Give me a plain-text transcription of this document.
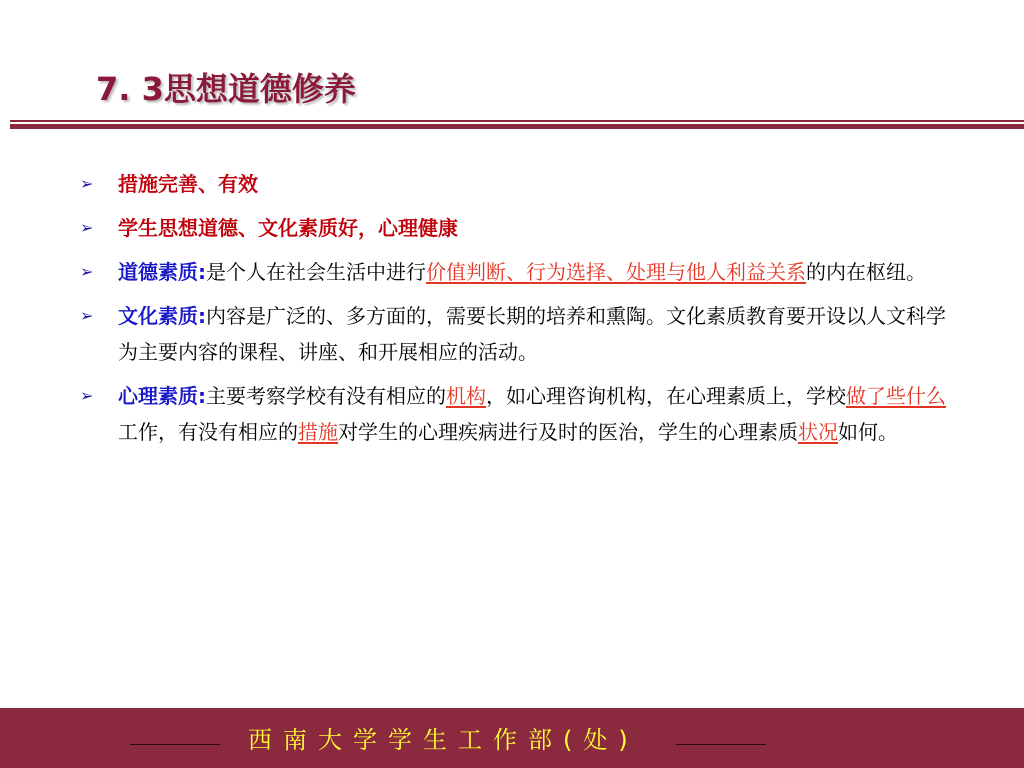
7. 3思想道德修养
➢ 措施完善、有效
➢ 学生思想道德、文化素质好，心理健康
➢ 道德素质:是个人在社会生活中进行价值判断、行为选择、处理与他人利益关系的内在枢纽。
➢ 文化素质:内容是广泛的、多方面的，需要长期的培养和熏陶。文化素质教育要开设以人文科学为主要内容的课程、讲座、和开展相应的活动。
➢ 心理素质:主要考察学校有没有相应的机构，如心理咨询机构，在心理素质上，学校做了些什么工作，有没有相应的措施对学生的心理疾病进行及时的医治，学生的心理素质状况如何。
西南大学学生工作部(处)
